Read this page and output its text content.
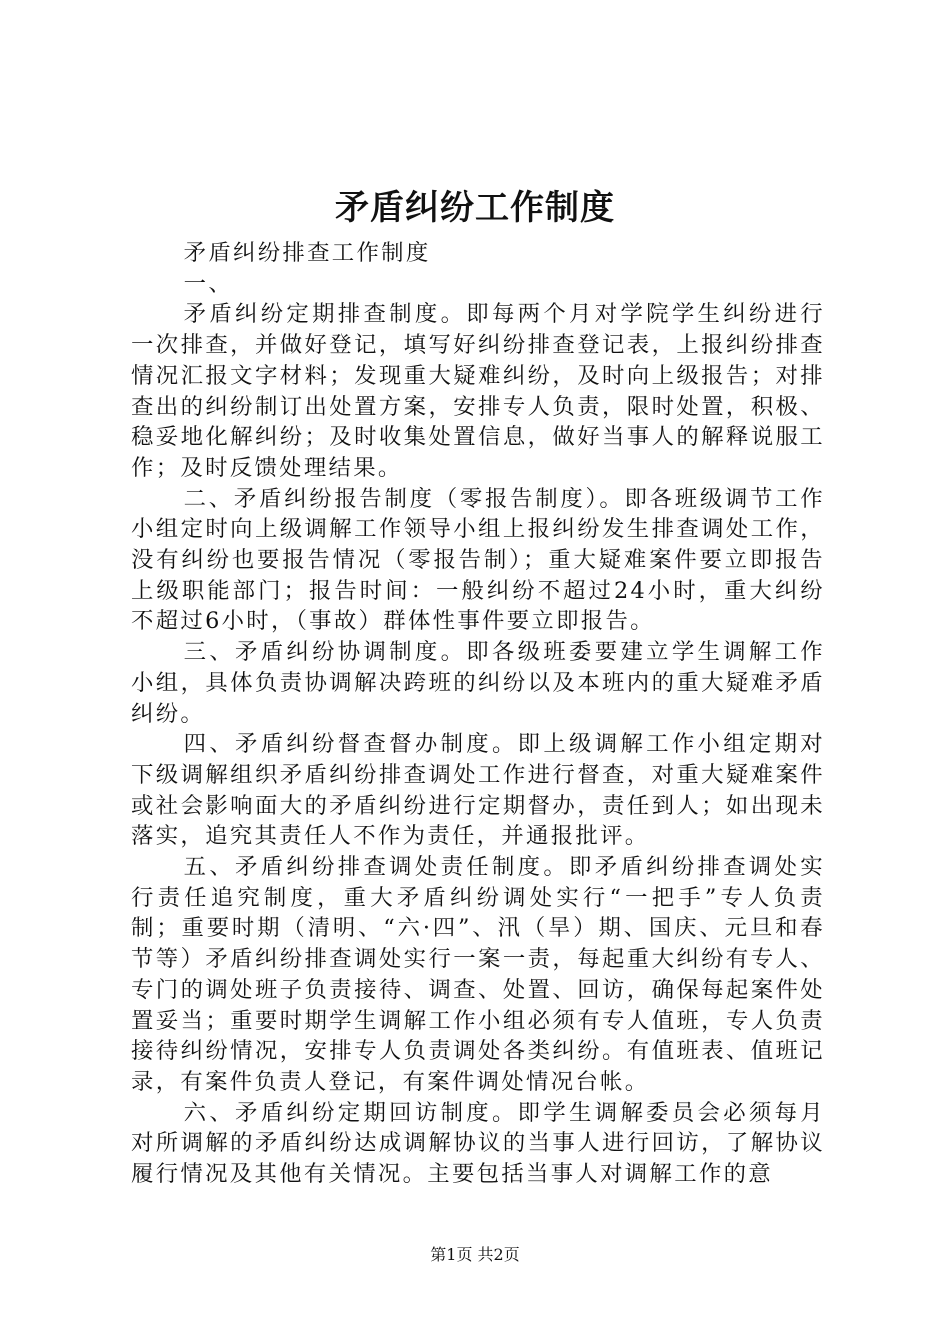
矛盾纠纷工作制度

矛盾纠纷排查工作制度

一、

矛盾纠纷定期排查制度。即每两个月对学院学生纠纷进行一次排查，并做好登记，填写好纠纷排查登记表，上报纠纷排查情况汇报文字材料；发现重大疑难纠纷，及时向上级报告；对排查出的纠纷制订出处置方案，安排专人负责，限时处置，积极、稳妥地化解纠纷；及时收集处置信息，做好当事人的解释说服工作；及时反馈处理结果。

二、矛盾纠纷报告制度（零报告制度）。即各班级调节工作小组定时向上级调解工作领导小组上报纠纷发生排查调处工作，没有纠纷也要报告情况（零报告制）；重大疑难案件要立即报告上级职能部门；报告时间：一般纠纷不超过24小时，重大纠纷不超过6小时，（事故）群体性事件要立即报告。

三、矛盾纠纷协调制度。即各级班委要建立学生调解工作小组，具体负责协调解决跨班的纠纷以及本班内的重大疑难矛盾纠纷。

四、矛盾纠纷督查督办制度。即上级调解工作小组定期对下级调解组织矛盾纠纷排查调处工作进行督查，对重大疑难案件或社会影响面大的矛盾纠纷进行定期督办，责任到人；如出现未落实，追究其责任人不作为责任，并通报批评。

五、矛盾纠纷排查调处责任制度。即矛盾纠纷排查调处实行责任追究制度，重大矛盾纠纷调处实行“一把手”专人负责制；重要时期（清明、“六·四”、汛（旱）期、国庆、元旦和春节等）矛盾纠纷排查调处实行一案一责，每起重大纠纷有专人、专门的调处班子负责接待、调查、处置、回访，确保每起案件处置妥当；重要时期学生调解工作小组必须有专人值班，专人负责接待纠纷情况，安排专人负责调处各类纠纷。有值班表、值班记录，有案件负责人登记，有案件调处情况台帐。

六、矛盾纠纷定期回访制度。即学生调解委员会必须每月对所调解的矛盾纠纷达成调解协议的当事人进行回访，了解协议履行情况及其他有关情况。主要包括当事人对调解工作的意

第1页 共2页
